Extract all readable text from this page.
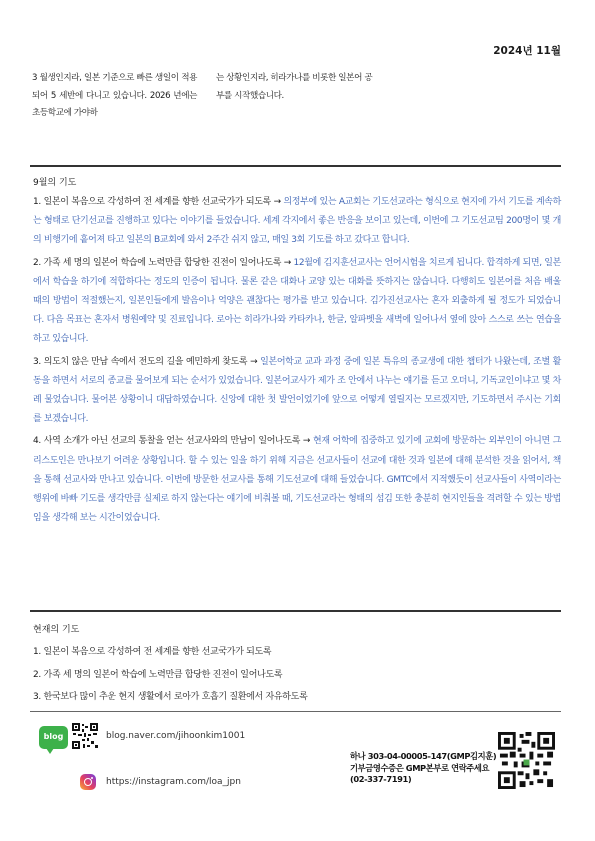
2024년 11월
3 월생인지라, 일본 기준으로 빠른 생일이 적용되어 5 세반에 다니고 있습니다. 2026 년에는 초등학교에 가야하
는 상황인지라, 히라가나를 비롯한 일본어 공부를 시작했습니다.
9월의 기도

1. 일본이 복음으로 각성하여 전 세계를 향한 선교국가가 되도록 → 의정부에 있는 A교회는 기도선교라는 형식으로 현지에 가서 기도를 계속하는 형태로 단기선교를 진행하고 있다는 이야기를 들었습니다. 세계 각지에서 좋은 반응을 보이고 있는데, 이번에 그 기도선교팀 200명이 몇 개의 비행기에 흩어져 타고 일본의 B교회에 와서 2주간 쉬지 않고, 매일 3회 기도를 하고 갔다고 합니다.

2. 가족 세 명의 일본어 학습에 노력만큼 합당한 진전이 일어나도록 → 12월에 김지훈선교사는 언어시험을 치르게 됩니다. 합격하게 되면, 일본에서 학습을 하기에 적합하다는 정도의 인증이 됩니다. 물론 같은 대화나 교양 있는 대화를 뜻하지는 않습니다. 다행히도 일본어를 처음 배울 때의 방법이 적절했는지, 일본인들에게 발음이나 억양은 괜찮다는 평가를 받고 있습니다. 김가진선교사는 혼자 외출하게 될 정도가 되었습니다. 다음 목표는 혼자서 병원예약 및 진료입니다. 로아는 히라가나와 카타카나, 한글, 알파벳을 새벽에 일어나서 옆에 앉아 스스로 쓰는 연습을 하고 있습니다.

3. 의도치 않은 만남 속에서 전도의 길을 예민하게 찾도록 → 일본어학교 교과 과정 중에 일본 특유의 종교생에 대한 챕터가 나왔는데, 조별 활동을 하면서 서로의 종교를 물어보게 되는 순서가 있었습니다. 일본어교사가 제가 조 안에서 나누는 얘기를 듣고 오더니, 기독교인이냐고 몇 차례 물었습니다. 물어본 상황이니 대답하였습니다. 신앙에 대한 첫 발언이었기에 앞으로 어떻게 열릴지는 모르겠지만, 기도하면서 주시는 기회를 보겠습니다.

4. 사역 소개가 아닌 선교의 통찰을 얻는 선교사와의 만남이 일어나도록 → 현재 어학에 집중하고 있기에 교회에 방문하는 외부인이 아니면 그리스도인은 만나보기 어려운 상황입니다. 할 수 있는 일을 하기 위해 지금은 선교사들이 선교에 대한 것과 일본에 대해 분석한 것을 읽어서, 책을 통해 선교사와 만나고 있습니다. 이번에 방문한 선교사를 통해 기도선교에 대해 들었습니다. GMTC에서 지적했듯이 선교사들이 사역이라는 행위에 바빠 기도를 생각만큼 실제로 하지 않는다는 얘기에 비춰볼 때, 기도선교라는 형태의 섬김 또한 충분히 현지인들을 격려할 수 있는 방법임을 생각해 보는 시간이었습니다.

현재의 기도
1. 일본이 복음으로 각성하여 전 세계를 향한 선교국가가 되도록
2. 가족 세 명의 일본어 학습에 노력만큼 합당한 진전이 일어나도록
3. 한국보다 많이 추운 현지 생활에서 로아가 호흡기 질환에서 자유하도록
blog	blog.naver.com/jihoonkim1001
https://instagram.com/loa_jpn
하나 303-04-00005-147(GMP김지훈)
기부금영수증은 GMP본부로 연락주세요
(02-337-7191)
